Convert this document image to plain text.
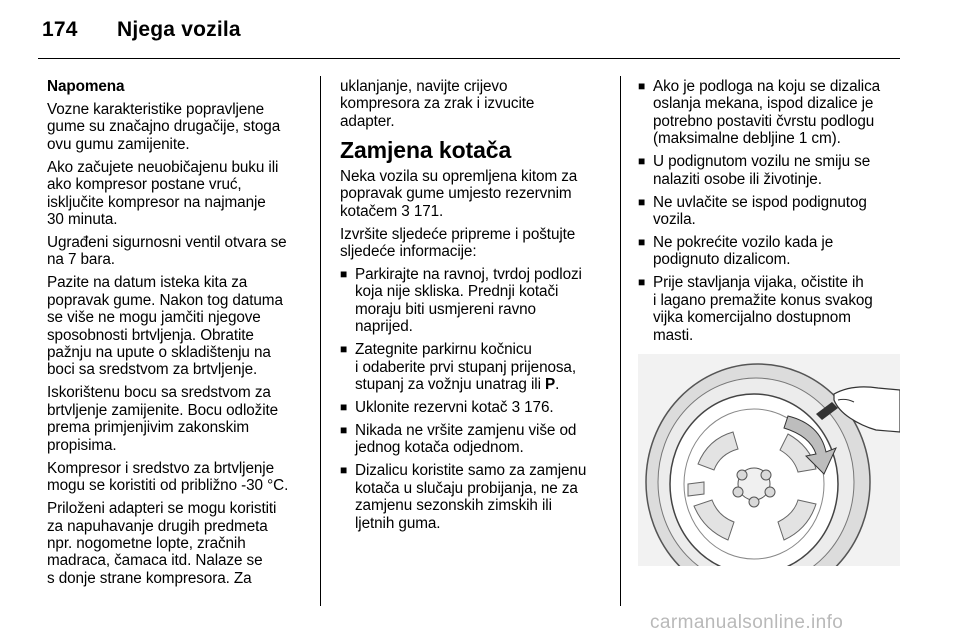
174 Njega vozila

Napomena

Vozne karakteristike popravljene
gume su značajno drugačije, stoga
ovu gumu zamijenite.

Ako začujete neuobičajenu buku ili
ako kompresor postane vruć,
isključite kompresor na najmanje
30 minuta.

Ugrađeni sigurnosni ventil otvara se
na 7 bara.

Pazite na datum isteka kita za
popravak gume. Nakon tog datuma
se više ne mogu jamčiti njegove
sposobnosti brtvljenja. Obratite
pažnju na upute o skladištenju na
boci sa sredstvom za brtvljenje.

Iskorištenu bocu sa sredstvom za
brtvljenje zamijenite. Bocu odložite
prema primjenjivim zakonskim
propisima.

Kompresor i sredstvo za brtvljenje
mogu se koristiti od približno -30 °C.

Priloženi adapteri se mogu koristiti
za napuhavanje drugih predmeta
npr. nogometne lopte, zračnih
madraca, čamaca itd. Nalaze se
s donje strane kompresora. Za

uklanjanje, navijte crijevo
kompresora za zrak i izvucite
adapter.

Zamjena kotača

Neka vozila su opremljena kitom za
popravak gume umjesto rezervnim
kotačem 3 171.

Izvršite sljedeće pripreme i poštujte
sljedeće informacije:

■ Parkirajte na ravnoj, tvrdoj podlozi
koja nije skliska. Prednji kotači
moraju biti usmjereni ravno
naprijed.
■ Zategnite parkirnu kočnicu
i odaberite prvi stupanj prijenosa,
stupanj za vožnju unatrag ili P.
■ Uklonite rezervni kotač 3 176.
■ Nikada ne vršite zamjenu više od
jednog kotača odjednom.
■ Dizalicu koristite samo za zamjenu
kotača u slučaju probijanja, ne za
zamjenu sezonskih zimskih ili
ljetnih guma.
■ Ako je podloga na koju se dizalica
oslanja mekana, ispod dizalice je
potrebno postaviti čvrstu podlogu
(maksimalne debljine 1 cm).
■ U podignutom vozilu ne smiju se
nalaziti osobe ili životinje.
■ Ne uvlačite se ispod podignutog
vozila.
■ Ne pokrećite vozilo kada je
podignuto dizalicom.
■ Prije stavljanja vijaka, očistite ih
i lagano premažite konus svakog
vijka komercijalno dostupnom
masti.
carmanualsonline.info
